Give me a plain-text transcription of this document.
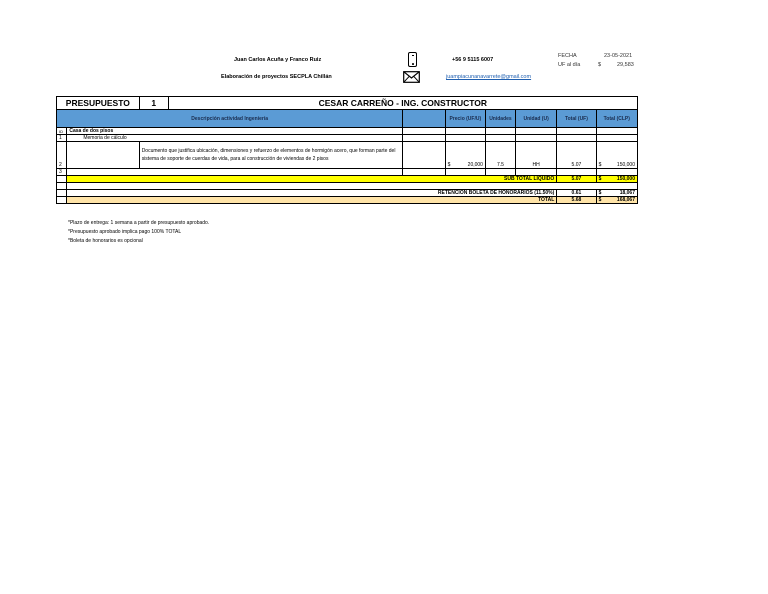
Juan Carlos Acuña y Franco Ruiz
Elaboración de proyectos SECPLA Chillán
+56 9 5115 6007
juampiacunanavarrete@gmail.com
FECHA	23-05-2021
UF al día	$	29,583
PRESUPUESTO		1 CESAR CARREÑO - ING. CONSTRUCTOR						

Descripción actividad Ingeniería				Precio (UF/U)	Unidades	Unidad (U)	Total (UF)	Total (CLP)
ID	Casa de dos pisos							
1	Memoria de cálculo							
2		Documento que justifica ubicación, dimensiones y refuerzo de elementos de hormigón acero, que forman parte del sistema de soporte de cuerdas de vida, para al construcción de viviendas de 2 pisos		$ 20,000	7.5	HH	5.07	$ 150,000

3								
	SUB TOTAL LIQUIDO						5.07	$ 150,000

	RETENCION BOLETA DE HONORARIOS (11.50%)						0.61	$ 18,067

	TOTAL						5.68	$ 168,067
*Plazo de entrega: 1 semana a partir de presupuesto aprobado.
*Presupuesto aprobado implica pago 100% TOTAL
*Boleta de honorarios es opcional
